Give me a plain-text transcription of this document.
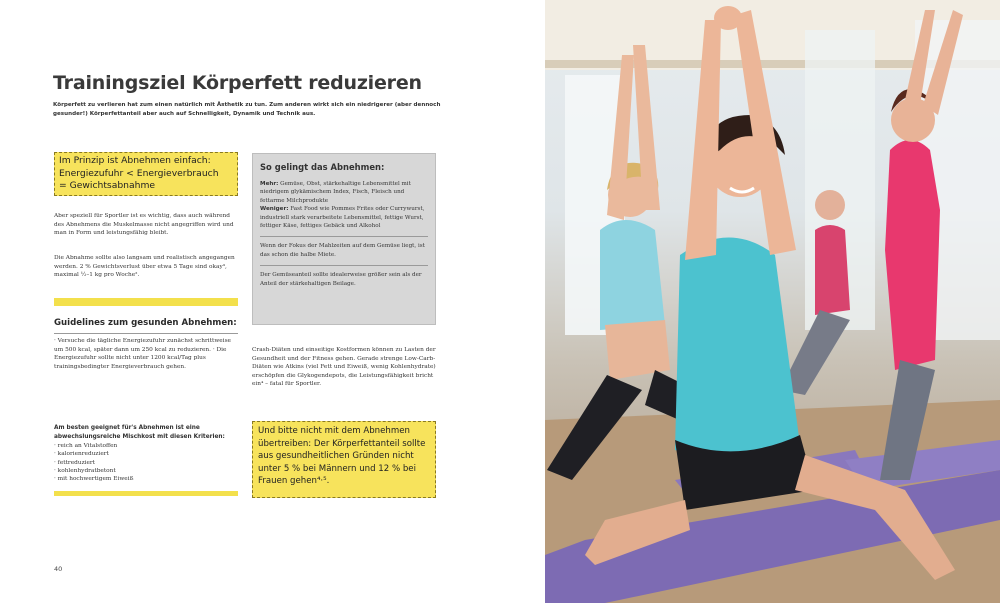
Trainingsziel Körperfett reduzieren
Körperfett zu verlieren hat zum einen natürlich mit Ästhetik zu tun. Zum anderen wirkt sich ein niedrigerer (aber dennoch gesunder!) Körperfettanteil aber auch auf Schnelligkeit, Dynamik und Technik aus.
Im Prinzip ist Abnehmen einfach:
Energiezufuhr < Energieverbrauch
= Gewichtsabnahme
Aber speziell für Sportler ist es wichtig, dass auch während des Abnehmens die Muskelmasse nicht angegriffen wird und man in Form und leistungsfähig bleibt.
Die Abnahme sollte also langsam und realistisch angegangen werden. 2 % Gewichtsverlust über etwa 5 Tage sind okay³, maximal ½–1 kg pro Woche².
Guidelines zum gesunden Abnehmen:
· Versuche die tägliche Energiezufuhr zunächst schrittweise um 500 kcal, später dann um 250 kcal zu reduzieren. · Die Energiezufuhr sollte nicht unter 1200 kcal/Tag plus trainingsbedingter Energieverbrauch gehen.
So gelingt das Abnehmen:

Mehr: Gemüse, Obst, stärkehaltige Lebensmittel mit niedrigem glykämischem Index, Fisch, Fleisch und fettarme Milchprodukte

Weniger: Fast Food wie Pommes Frites oder Currywurst, industriell stark verarbeitete Lebensmittel, fettige Wurst, fettiger Käse, fettiges Gebäck und Alkohol

Wenn der Fokus der Mahlzeiten auf dem Gemüse liegt, ist das schon die halbe Miete.

Der Gemüseanteil sollte idealerweise größer sein als der Anteil der stärkehaltigen Beilage.

Crash-Diäten und einseitige Kostformen können zu Lasten der Gesundheit und der Fitness gehen. Gerade strenge Low-Carb-Diäten wie Atkins (viel Fett und Eiweiß, wenig Kohlenhydrate) erschöpfen die Glykogendepots, die Leistungsfähigkeit bricht ein⁴ – fatal für Sportler.
Am besten geeignet für's Abnehmen ist eine abwechslungsreiche Mischkost mit diesen Kriterien:
· reich an Vitalstoffen
· kalorienreduziert
· fettreduziert
· kohlenhydratbetont
· mit hochwertigem Eiweiß
Und bitte nicht mit dem Abnehmen übertreiben: Der Körperfettanteil sollte aus gesundheitlichen Gründen nicht unter 5 % bei Männern und 12 % bei Frauen gehen⁴·⁵.
40
